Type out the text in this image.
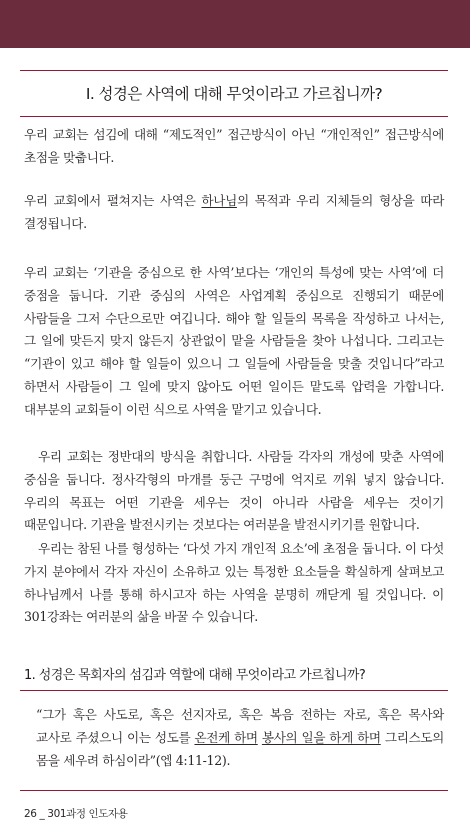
I. 성경은 사역에 대해 무엇이라고 가르칩니까?

우리 교회는 섬김에 대해 “제도적인” 접근방식이 아닌 “개인적인” 접근방식에 초점을 맞춥니다.

우리 교회에서 펼쳐지는 사역은 하나님의 목적과 우리 지체들의 형상을 따라 결정됩니다.

우리 교회는 ‘기관을 중심으로 한 사역’보다는 ‘개인의 특성에 맞는 사역’에 더 중점을 둡니다. 기관 중심의 사역은 사업계획 중심으로 진행되기 때문에 사람들을 그저 수단으로만 여깁니다. 해야 할 일들의 목록을 작성하고 나서는, 그 일에 맞든지 맞지 않든지 상관없이 맡을 사람들을 찾아 나섭니다. 그리고는 “기관이 있고 해야 할 일들이 있으니 그 일들에 사람들을 맞출 것입니다”라고 하면서 사람들이 그 일에 맞지 않아도 어떤 일이든 맡도록 압력을 가합니다. 대부분의 교회들이 이런 식으로 사역을 맡기고 있습니다.

우리 교회는 정반대의 방식을 취합니다. 사람들 각자의 개성에 맞춘 사역에 중심을 둡니다. 정사각형의 마개를 둥근 구멍에 억지로 끼워 넣지 않습니다. 우리의 목표는 어떤 기관을 세우는 것이 아니라 사람을 세우는 것이기 때문입니다. 기관을 발전시키는 것보다는 여러분을 발전시키기를 원합니다.

우리는 참된 나를 형성하는 ‘다섯 가지 개인적 요소’에 초점을 둡니다. 이 다섯 가지 분야에서 각자 자신이 소유하고 있는 특정한 요소들을 확실하게 살펴보고 하나님께서 나를 통해 하시고자 하는 사역을 분명히 깨닫게 될 것입니다. 이 301강좌는 여러분의 삶을 바꿀 수 있습니다.

1. 성경은 목회자의 섬김과 역할에 대해 무엇이라고 가르칩니까?

“그가 혹은 사도로, 혹은 선지자로, 혹은 복음 전하는 자로, 혹은 목사와 교사로 주셨으니 이는 성도를 온전케 하며 봉사의 일을 하게 하며 그리스도의 몸을 세우려 하심이라”(엡 4:11-12).

26 _ 301과정 인도자용
